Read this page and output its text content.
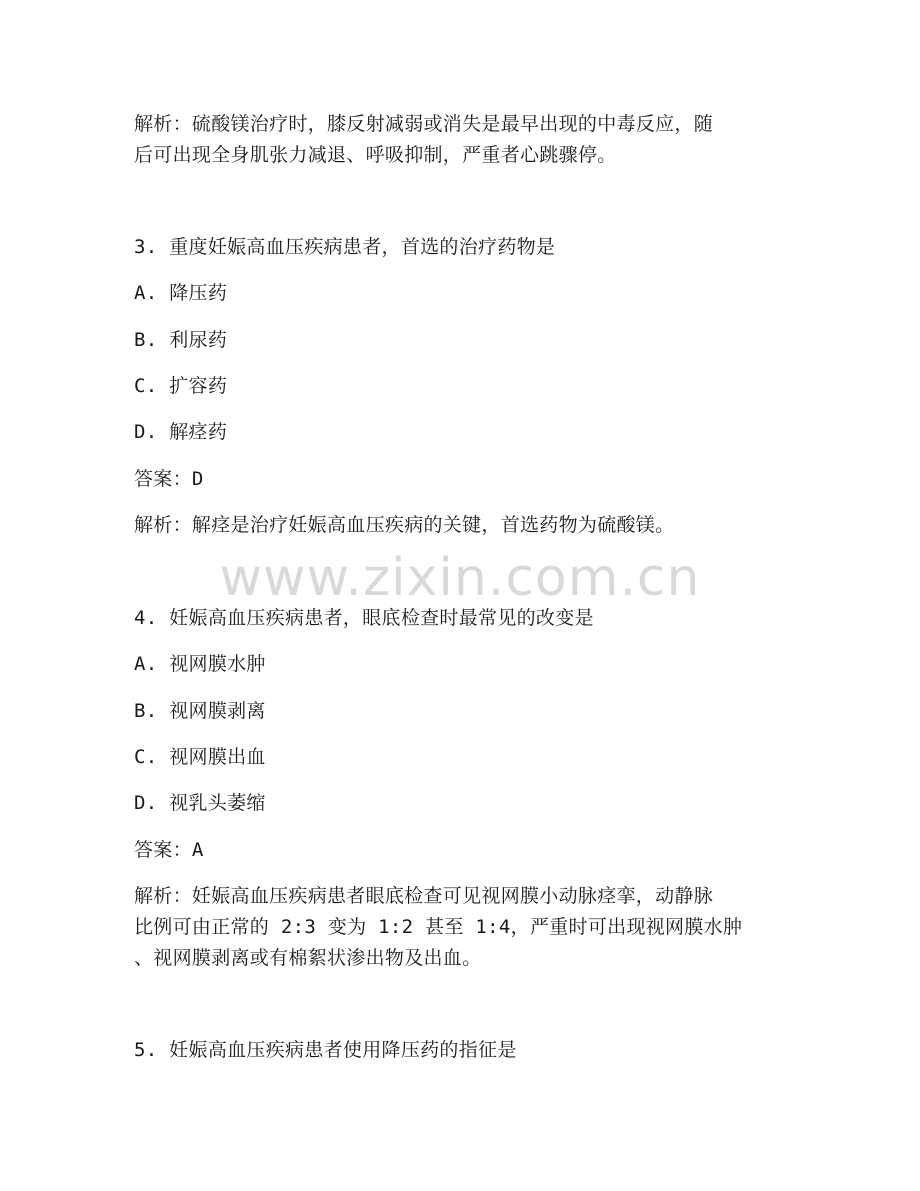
www.zixin.com.cn
解析：硫酸镁治疗时，膝反射减弱或消失是最早出现的中毒反应，随
后可出现全身肌张力减退、呼吸抑制，严重者心跳骤停。
3. 重度妊娠高血压疾病患者，首选的治疗药物是
A. 降压药
B. 利尿药
C. 扩容药
D. 解痉药
答案：D
解析：解痉是治疗妊娠高血压疾病的关键，首选药物为硫酸镁。
4. 妊娠高血压疾病患者，眼底检查时最常见的改变是
A. 视网膜水肿
B. 视网膜剥离
C. 视网膜出血
D. 视乳头萎缩
答案：A
解析：妊娠高血压疾病患者眼底检查可见视网膜小动脉痉挛，动静脉
比例可由正常的 2:3 变为 1:2 甚至 1:4，严重时可出现视网膜水肿
、视网膜剥离或有棉絮状渗出物及出血。
5. 妊娠高血压疾病患者使用降压药的指征是
